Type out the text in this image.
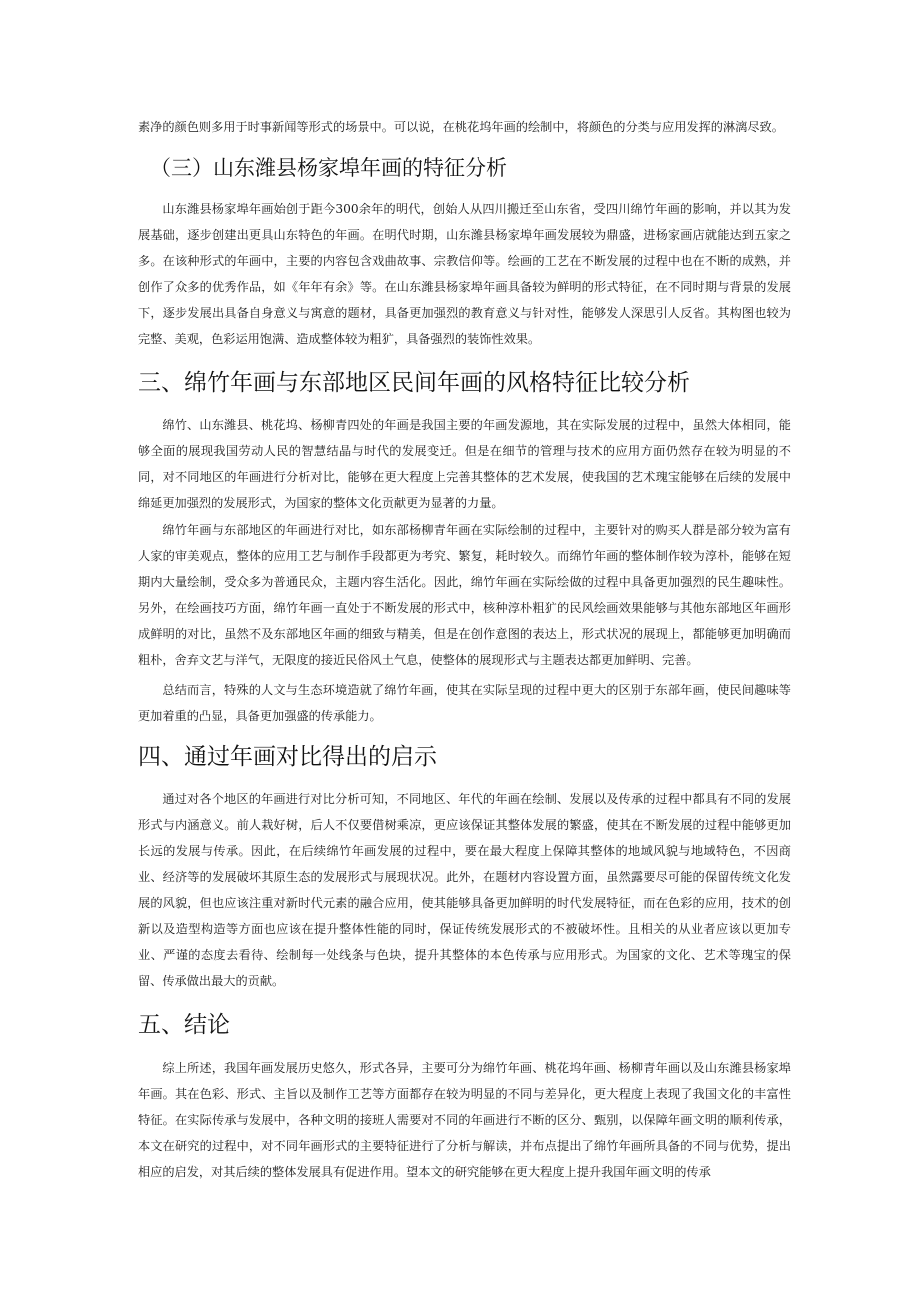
素净的颜色则多用于时事新闻等形式的场景中。可以说，在桃花坞年画的绘制中，将颜色的分类与应用发挥的淋漓尽致。

（三）山东潍县杨家埠年画的特征分析

山东潍县杨家埠年画始创于距今300余年的明代，创始人从四川搬迁至山东省，受四川绵竹年画的影响，并以其为发展基础，逐步创建出更具山东特色的年画。在明代时期，山东潍县杨家埠年画发展较为鼎盛，进杨家画店就能达到五家之多。在该种形式的年画中，主要的内容包含戏曲故事、宗教信仰等。绘画的工艺在不断发展的过程中也在不断的成熟，并创作了众多的优秀作品，如《年年有余》等。在山东潍县杨家埠年画具备较为鲜明的形式特征，在不同时期与背景的发展下，逐步发展出具备自身意义与寓意的题材，具备更加强烈的教育意义与针对性，能够发人深思引人反省。其构图也较为完整、美观，色彩运用饱满、造成整体较为粗犷，具备强烈的装饰性效果。

三、绵竹年画与东部地区民间年画的风格特征比较分析

绵竹、山东潍县、桃花坞、杨柳青四处的年画是我国主要的年画发源地，其在实际发展的过程中，虽然大体相同，能够全面的展现我国劳动人民的智慧结晶与时代的发展变迁。但是在细节的管理与技术的应用方面仍然存在较为明显的不同，对不同地区的年画进行分析对比，能够在更大程度上完善其整体的艺术发展，使我国的艺术瑰宝能够在后续的发展中绵延更加强烈的发展形式，为国家的整体文化贡献更为显著的力量。

绵竹年画与东部地区的年画进行对比，如东部杨柳青年画在实际绘制的过程中，主要针对的购买人群是部分较为富有人家的审美观点，整体的应用工艺与制作手段都更为考究、繁复，耗时较久。而绵竹年画的整体制作较为淳朴，能够在短期内大量绘制，受众多为普通民众，主题内容生活化。因此，绵竹年画在实际绘做的过程中具备更加强烈的民生趣味性。另外，在绘画技巧方面，绵竹年画一直处于不断发展的形式中，核种淳朴粗犷的民风绘画效果能够与其他东部地区年画形成鲜明的对比，虽然不及东部地区年画的细致与精美，但是在创作意图的表达上，形式状况的展现上，都能够更加明确而粗朴，舍弃文艺与洋气，无限度的接近民俗风土气息，使整体的展现形式与主题表达都更加鲜明、完善。

总结而言，特殊的人文与生态环境造就了绵竹年画，使其在实际呈现的过程中更大的区别于东部年画，使民间趣味等更加着重的凸显，具备更加强盛的传承能力。

四、通过年画对比得出的启示

通过对各个地区的年画进行对比分析可知，不同地区、年代的年画在绘制、发展以及传承的过程中都具有不同的发展形式与内涵意义。前人栽好树，后人不仅要借树乘凉，更应该保证其整体发展的繁盛，使其在不断发展的过程中能够更加长远的发展与传承。因此，在后续绵竹年画发展的过程中，要在最大程度上保障其整体的地域风貌与地域特色，不因商业、经济等的发展破坏其原生态的发展形式与展现状况。此外，在题材内容设置方面，虽然露要尽可能的保留传统文化发展的风貌，但也应该注重对新时代元素的融合应用，使其能够具备更加鲜明的时代发展特征，而在色彩的应用，技术的创新以及造型构造等方面也应该在提升整体性能的同时，保证传统发展形式的不被破坏性。且相关的从业者应该以更加专业、严谨的态度去看待、绘制每一处线条与色块，提升其整体的本色传承与应用形式。为国家的文化、艺术等瑰宝的保留、传承做出最大的贡献。

五、结论

综上所述，我国年画发展历史悠久，形式各异，主要可分为绵竹年画、桃花坞年画、杨柳青年画以及山东潍县杨家埠年画。其在色彩、形式、主旨以及制作工艺等方面都存在较为明显的不同与差异化，更大程度上表现了我国文化的丰富性特征。在实际传承与发展中，各种文明的接班人需要对不同的年画进行不断的区分、甄别，以保障年画文明的顺利传承，本文在研究的过程中，对不同年画形式的主要特征进行了分析与解读，并布点提出了绵竹年画所具备的不同与优势，提出相应的启发，对其后续的整体发展具有促进作用。望本文的研究能够在更大程度上提升我国年画文明的传承
